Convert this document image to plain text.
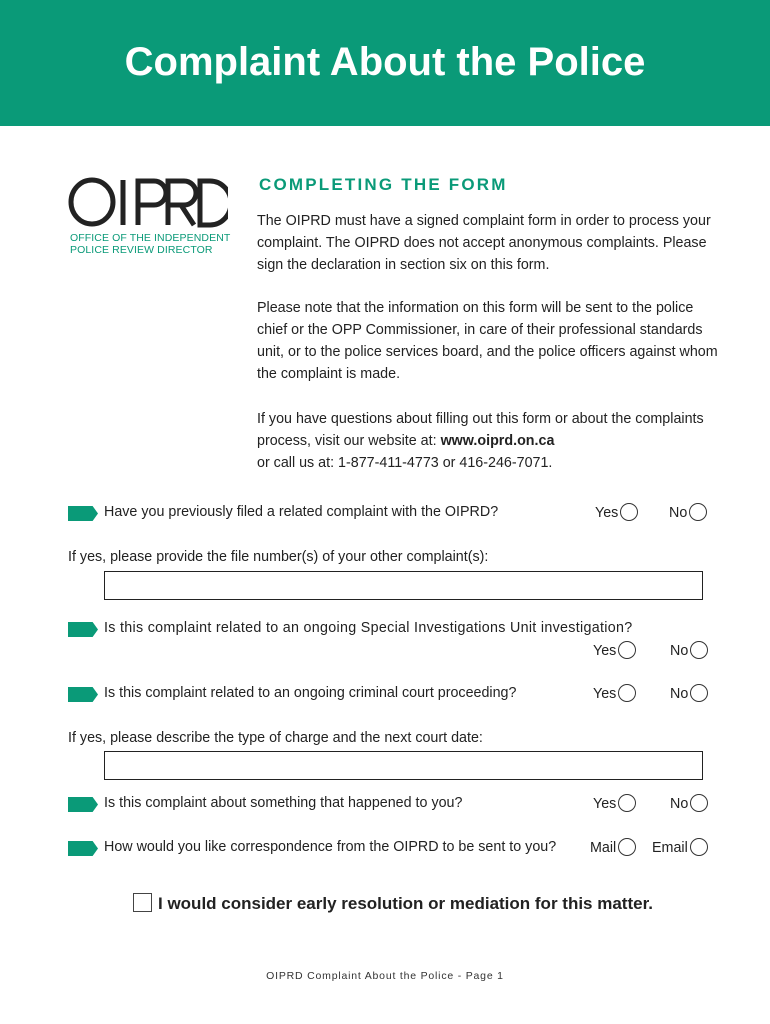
Complaint About the Police
OFFICE OF THE INDEPENDENT
POLICE REVIEW DIRECTOR
COMPLETING THE FORM
The OIPRD must have a signed complaint form in order to process your complaint. The OIPRD does not accept anonymous complaints. Please sign the declaration in section six on this form.
Please note that the information on this form will be sent to the police chief or the OPP Commissioner, in care of their professional standards unit, or to the police services board, and the police officers against whom the complaint is made.
If you have questions about filling out this form or about the complaints process, visit our website at: www.oiprd.on.ca
or call us at: 1-877-411-4773 or 416-246-7071.
Have you previously filed a related complaint with the OIPRD?	Yes	No
If yes, please provide the file number(s) of your other complaint(s):
Is this complaint related to an ongoing Special Investigations Unit investigation?
Yes	No
Is this complaint related to an ongoing criminal court proceeding?	Yes	No
If yes, please describe the type of charge and the next court date:
Is this complaint about something that happened to you?	Yes	No
How would you like correspondence from the OIPRD to be sent to you? Mail	Email
I would consider early resolution or mediation for this matter.
OIPRD Complaint About the Police - Page 1
